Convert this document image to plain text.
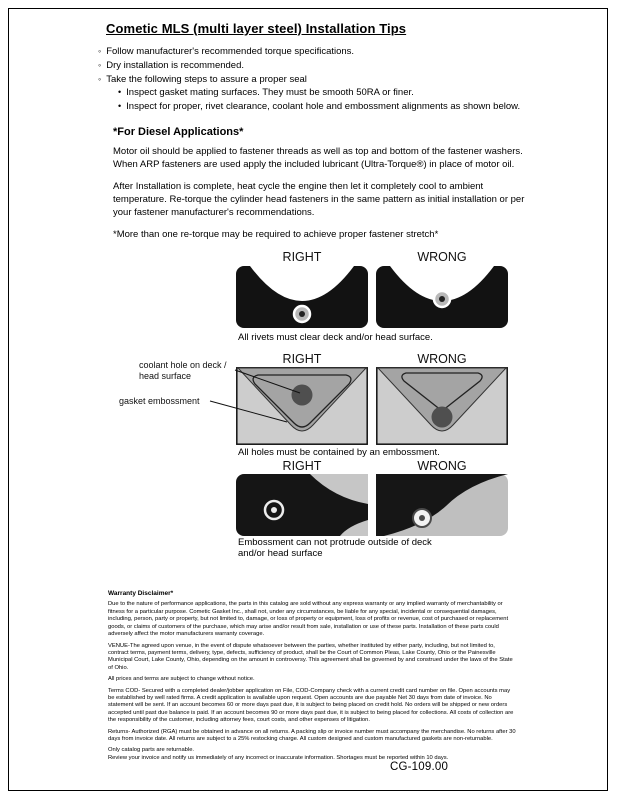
Cometic MLS (multi layer steel) Installation Tips
◦ Follow manufacturer's recommended torque specifications.
◦ Dry installation is recommended.
◦ Take the following steps to assure a proper seal
• Inspect gasket mating surfaces. They must be smooth 50RA or finer.
• Inspect for proper, rivet clearance, coolant hole and embossment alignments as shown below.
*For Diesel Applications*
Motor oil should be applied to fastener threads as well as top and bottom of the fastener washers. When ARP fasteners are used apply the included lubricant (Ultra-Torque®) in place of motor oil.
After Installation is complete, heat cycle the engine then let it completely cool to ambient temperature. Re-torque the cylinder head fasteners in the same pattern as initial installation or per your fastener manufacturer's recommendations.
*More than one re-torque may be required to achieve proper fastener stretch*
RIGHT	WRONG
All rivets must clear deck and/or head surface.
RIGHT	WRONG
coolant hole on deck / head surface
gasket embossment
All holes must be contained by an embossment.
RIGHT	WRONG
Embossment can not protrude outside of deck and/or head surface
Warranty Disclaimer*
Due to the nature of performance applications, the parts in this catalog are sold without any express warranty or any implied warranty of merchantability or fitness for a particular purpose. Cometic Gasket Inc., shall not, under any circumstances, be liable for any special, incidental or consequential damages, including, person, party or property, but not limited to, damage, or loss of property or equipment, loss of profits or revenue, cost of purchased or replacement goods, or claims of customers of the purchase, which may arise and/or result from sale, installation or use of these parts. Installation of these parts could adversely affect the motor manufacturers warranty coverage.
VENUE-The agreed upon venue, in the event of dispute whatsoever between the parties, whether instituted by either party, including, but not limited to, contract terms, payment terms, delivery, type, defects, sufficiency of product, shall be the Court of Common Pleas, Lake County, Ohio or the Painesville Municipal Court, Lake County, Ohio, depending on the amount in controversy. This agreement shall be governed by and construed under the laws of the State of Ohio.
All prices and terms are subject to change without notice.
Terms COD- Secured with a completed dealer/jobber application on File, COD-Company check with a current credit card number on file. Open accounts may be established by well rated firms. A credit application is available upon request. Open accounts are due payable Net 30 days from date of invoice. No statement will be sent. If an account becomes 60 or more days past due, it is subject to being placed on credit hold. No orders will be shipped or new orders accepted until past due balance is paid. If an account becomes 90 or more days past due, it is subject to being placed for collections. All costs of collection are the responsibility of the customer, including attorney fees, court costs, and other expenses of litigation.
Returns- Authorized (RGA) must be obtained in advance on all returns. A packing slip or invoice number must accompany the merchandise. No returns after 30 days from invoice date. All returns are subject to a 25% restocking charge. All custom designed and custom manufactured gaskets are non-returnable.
Only catalog parts are returnable.
Review your invoice and notify us immediately of any incorrect or inaccurate information. Shortages must be reported within 10 days.
CG-109.00
